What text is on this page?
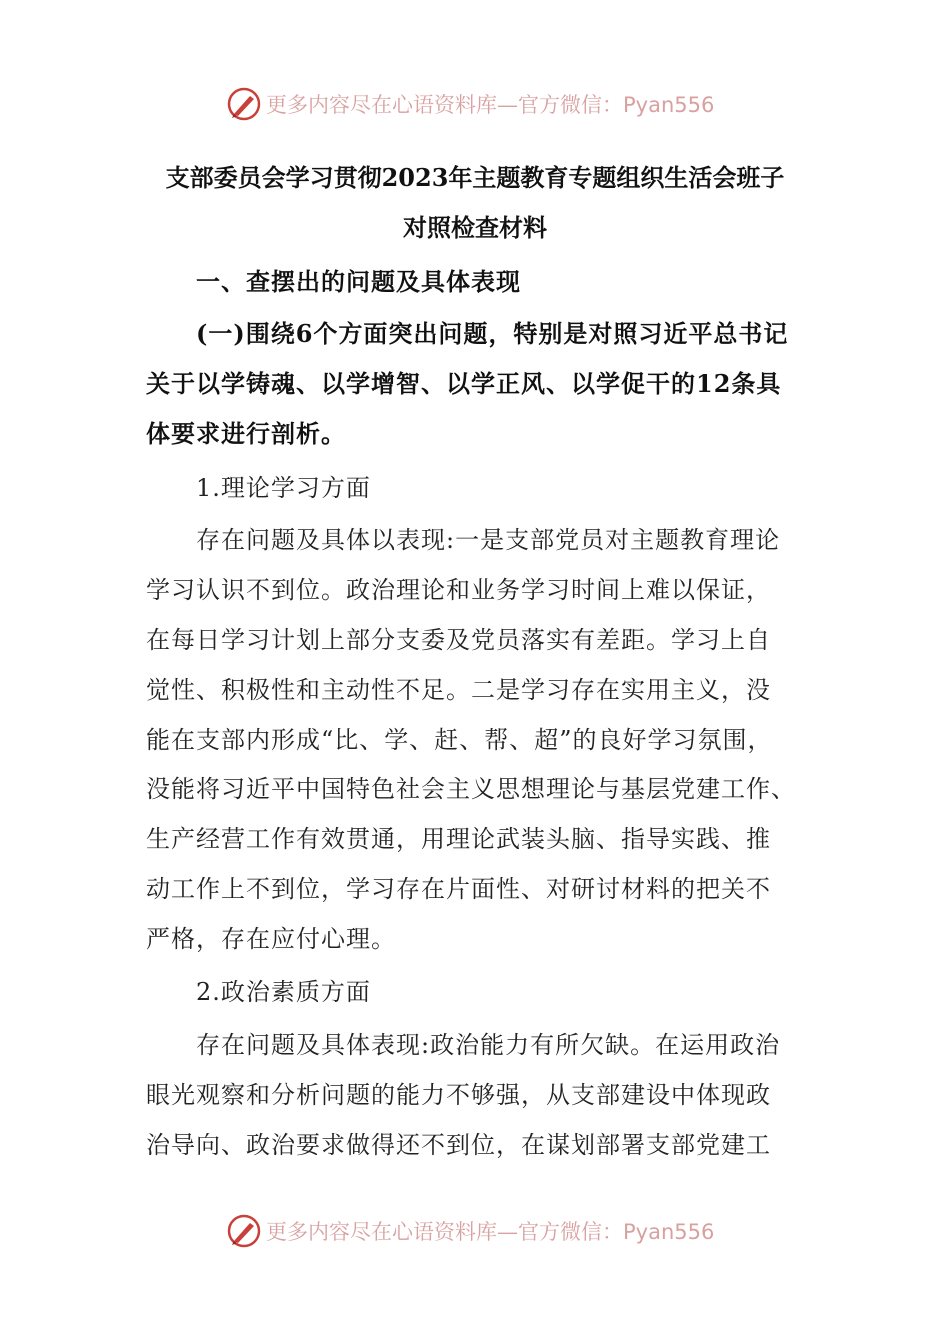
更多内容尽在心语资料库—官方微信：Pyan556
支部委员会学习贯彻2023年主题教育专题组织生活会班子
对照检查材料
一、查摆出的问题及具体表现
(一)围绕6个方面突出问题，特别是对照习近平总书记
关于以学铸魂、以学增智、以学正风、以学促干的12条具
体要求进行剖析。
1.理论学习方面
存在问题及具体以表现:一是支部党员对主题教育理论
学习认识不到位。政治理论和业务学习时间上难以保证，
在每日学习计划上部分支委及党员落实有差距。学习上自
觉性、积极性和主动性不足。二是学习存在实用主义，没
能在支部内形成“比、学、赶、帮、超”的良好学习氛围，
没能将习近平中国特色社会主义思想理论与基层党建工作、
生产经营工作有效贯通，用理论武装头脑、指导实践、推
动工作上不到位，学习存在片面性、对研讨材料的把关不
严格，存在应付心理。
2.政治素质方面
存在问题及具体表现:政治能力有所欠缺。在运用政治
眼光观察和分析问题的能力不够强，从支部建设中体现政
治导向、政治要求做得还不到位，在谋划部署支部党建工
更多内容尽在心语资料库—官方微信：Pyan556
